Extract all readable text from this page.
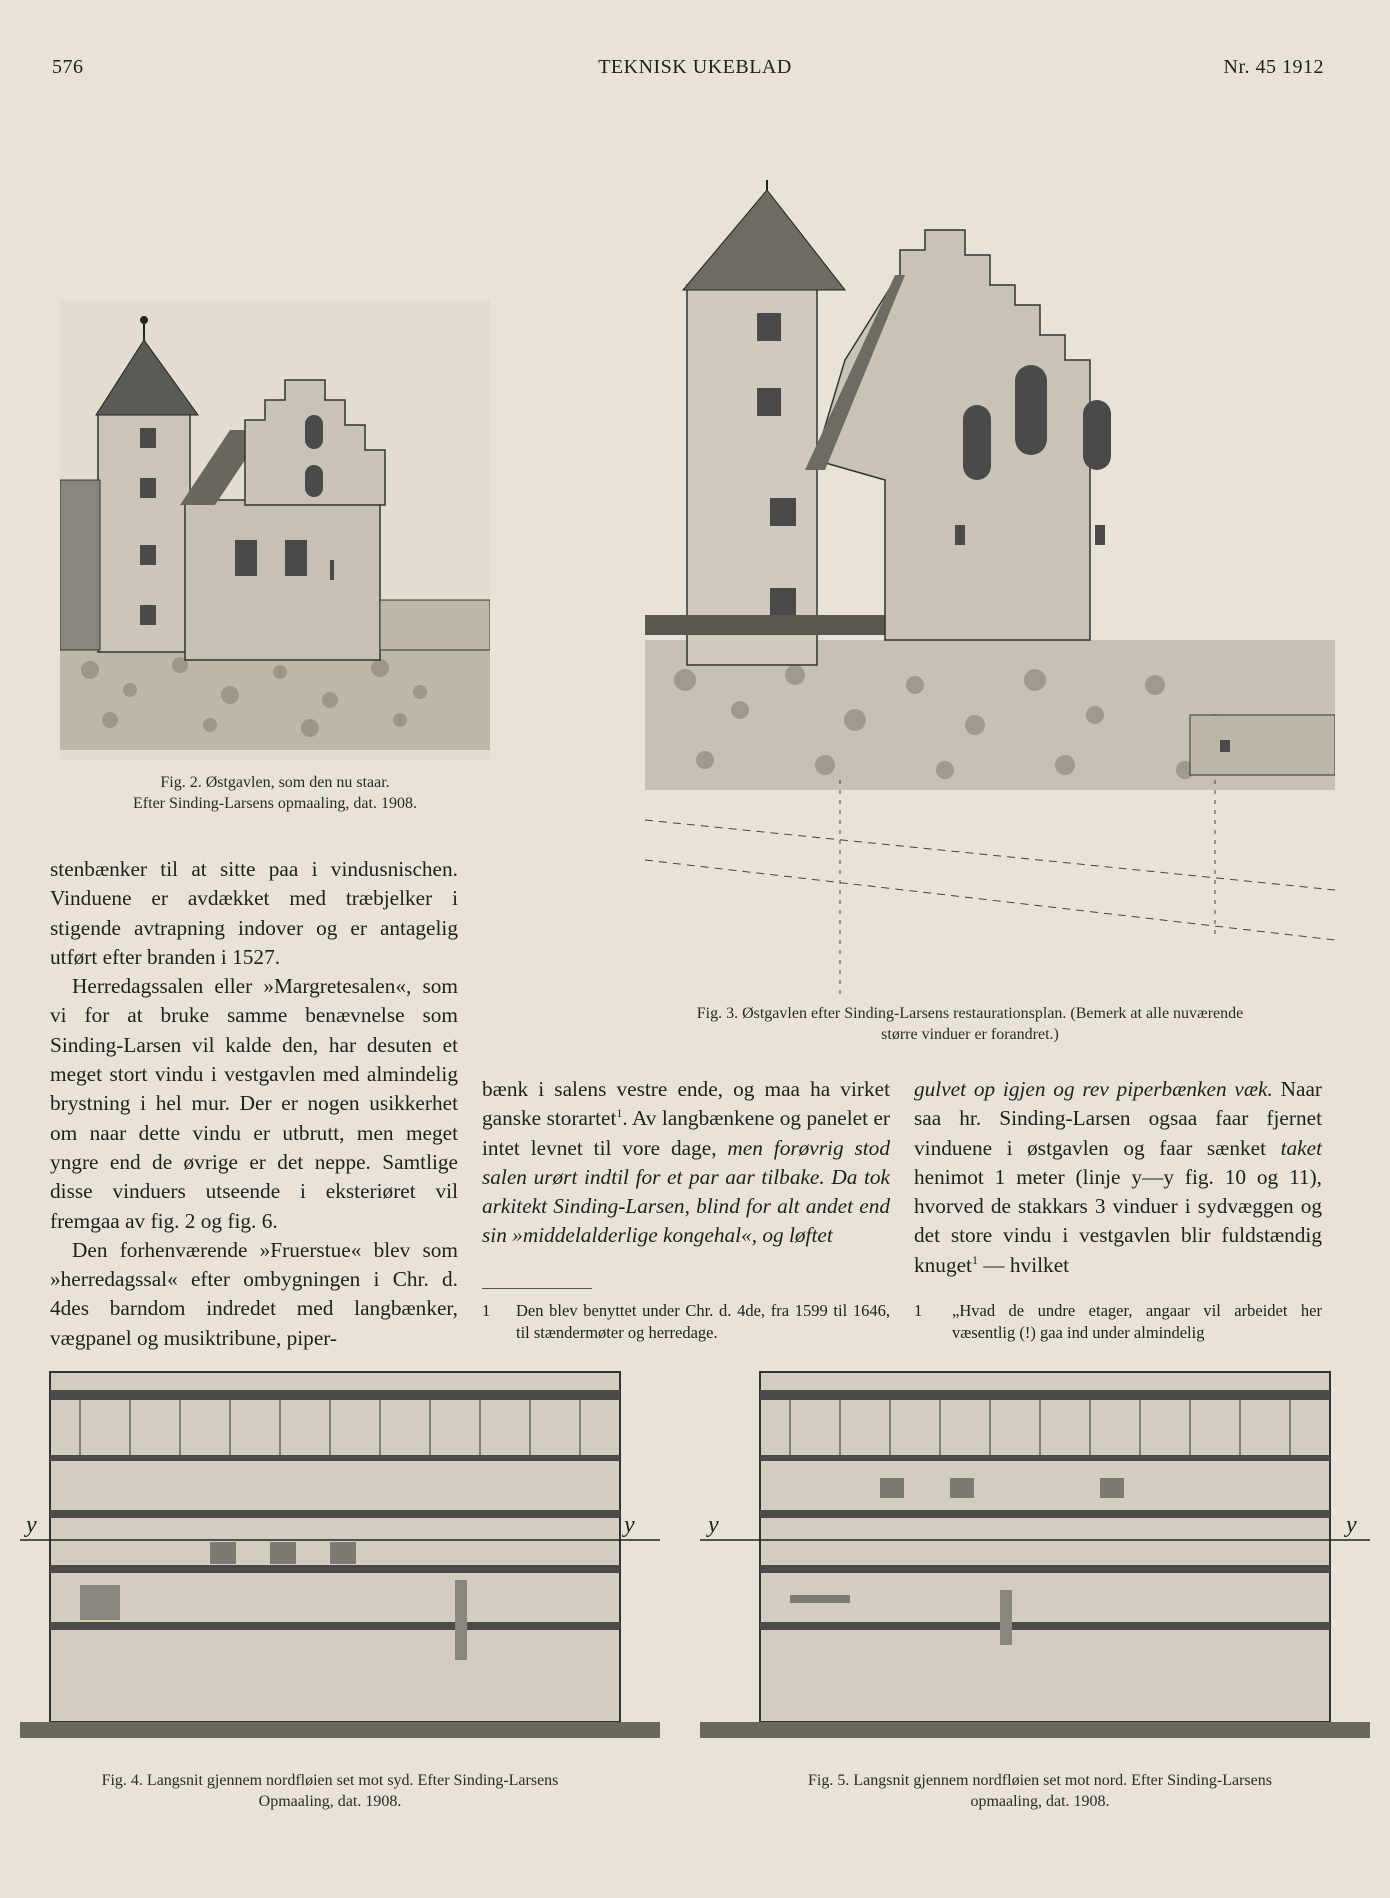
576	TEKNISK UKEBLAD	Nr. 45 1912
Fig. 2. Østgavlen, som den nu staar.
Efter Sinding-Larsens opmaaling, dat. 1908.
Fig. 3. Østgavlen efter Sinding-Larsens restaurationsplan. (Bemerk at alle nuværende
større vinduer er forandret.)

stenbænker til at sitte paa i vindusnischen. Vinduene er avdækket med træbjelker i stigende avtrapning indover og er antagelig utført efter branden i 1527.

Herredagssalen eller »Margretesalen«, som vi for at bruke samme benævnelse som Sinding-Larsen vil kalde den, har desuten et meget stort vindu i vestgavlen med almindelig brystning i hel mur. Der er nogen usikkerhet om naar dette vindu er utbrutt, men meget yngre end de øvrige er det neppe. Samtlige disse vinduers utseende i eksteriøret vil fremgaa av fig. 2 og fig. 6.

Den forhenværende »Fruerstue« blev som »herredagssal« efter ombygningen i Chr. d. 4des barndom indredet med langbænker, vægpanel og musiktribune, piper-

bænk i salens vestre ende, og maa ha virket ganske storartet$^1$. Av langbænkene og panelet er intet levnet til vore dage, men forøvrig stod salen urørt indtil for et par aar tilbake. Da tok arkitekt Sinding-Larsen, blind for alt andet end sin »middelalderlige kongehal«, og løftet

1 Den blev benyttet under Chr. d. 4de, fra 1599 til 1646, til stændermøter og herredage.

gulvet op igjen og rev piperbænken væk. Naar saa hr. Sinding-Larsen ogsaa faar fjernet vinduene i østgavlen og faar sænket taket henimot 1 meter (linje y—y fig. 10 og 11), hvorved de stakkars 3 vinduer i sydvæggen og det store vindu i vestgavlen blir fuldstændig knuget$^1$ — hvilket

1 „Hvad de undre etager, angaar vil arbeidet her væsentlig (!) gaa ind under almindelig
y	y
Fig. 4. Langsnit gjennem nordfløien set mot syd. Efter Sinding-Larsens
Opmaaling, dat. 1908.
y	y
Fig. 5. Langsnit gjennem nordfløien set mot nord. Efter Sinding-Larsens
opmaaling, dat. 1908.
